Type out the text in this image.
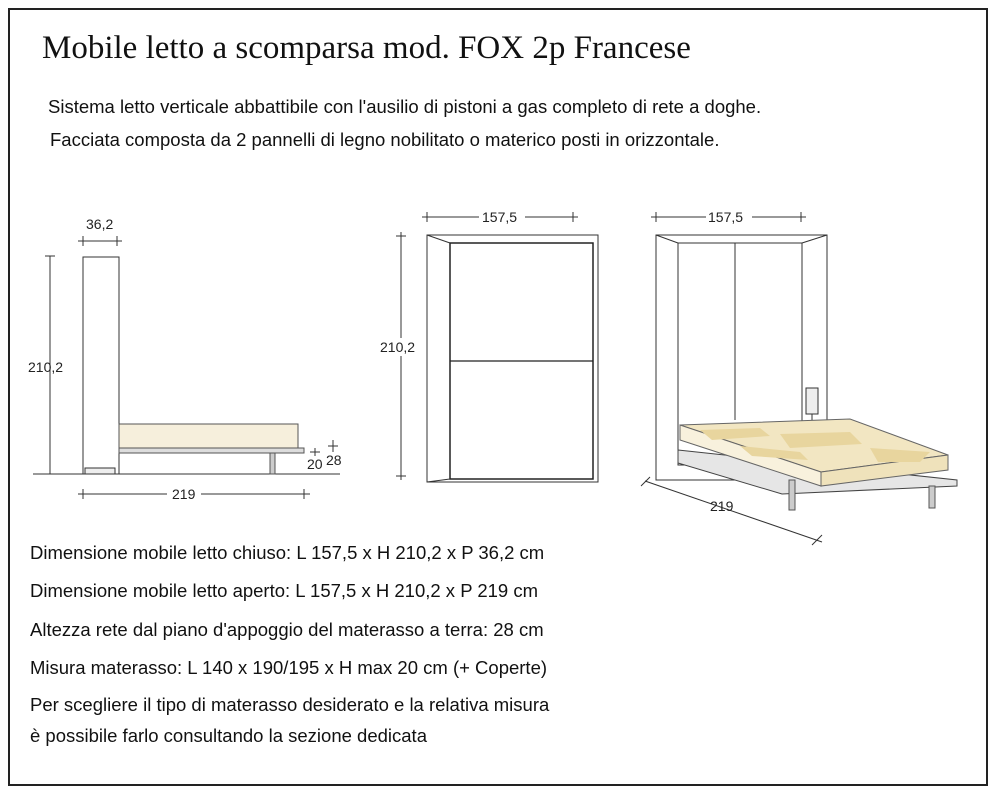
Mobile letto a scomparsa mod. FOX 2p Francese
Sistema letto verticale abbattibile con l'ausilio di pistoni a gas completo di rete a doghe.
Facciata composta da 2 pannelli di legno nobilitato o materico posti in orizzontale.
36,2
210,2
219
20 28
157,5
210,2
157,5
219
Dimensione mobile letto chiuso: L 157,5 x H 210,2 x P 36,2 cm
Dimensione mobile letto aperto: L 157,5 x H 210,2 x P 219 cm
Altezza rete dal piano d'appoggio del materasso a terra: 28 cm
Misura materasso: L 140 x 190/195 x H max 20 cm (+ Coperte)
Per scegliere il tipo di materasso desiderato e la relativa misura
è possibile farlo consultando la sezione dedicata
